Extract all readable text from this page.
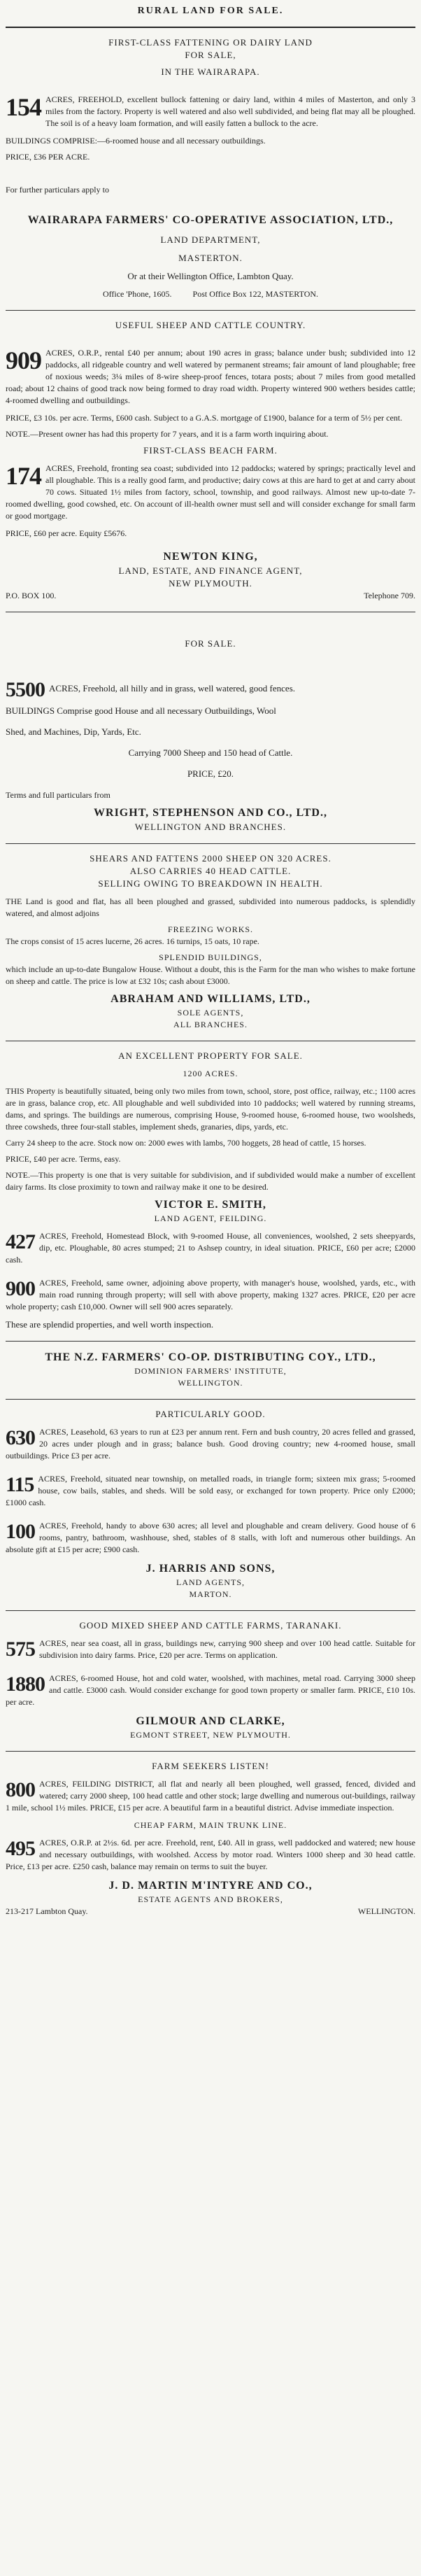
RURAL LAND FOR SALE.
FIRST-CLASS FATTENING OR DAIRY LAND
FOR SALE,
IN THE WAIRARAPA.
154 ACRES, FREEHOLD, excellent bullock fattening or dairy land, within 4 miles of Masterton, and only 3 miles from the factory. Property is well watered and also well subdivided, and being flat may all be ploughed. The soil is of a heavy loam formation, and will easily fatten a bullock to the acre.
BUILDINGS COMPRISE:—6-roomed house and all necessary outbuildings.
PRICE, £36 PER ACRE.
For further particulars apply to
WAIRARAPA FARMERS' CO-OPERATIVE ASSOCIATION, LTD.,
LAND DEPARTMENT,
MASTERTON.
Or at their Wellington Office, Lambton Quay.
Office 'Phone, 1605.	Post Office Box 122, MASTERTON.
USEFUL SHEEP AND CATTLE COUNTRY.
909 ACRES, O.R.P., rental £40 per annum; about 190 acres in grass; balance under bush; subdivided into 12 paddocks, all ridgeable country and well watered by permanent streams; fair amount of land ploughable; free of noxious weeds; 3¼ miles of 8-wire sheep-proof fences, totara posts; about 7 miles from good metalled road; about 12 chains of good track now being formed to dray road width. Property wintered 900 wethers besides cattle; 4-roomed dwelling and outbuildings.
PRICE, £3 10s. per acre. Terms, £600 cash. Subject to a G.A.S. mortgage of £1900, balance for a term of 5½ per cent.
NOTE.—Present owner has had this property for 7 years, and it is a farm worth inquiring about.
FIRST-CLASS BEACH FARM.
174 ACRES, Freehold, fronting sea coast; subdivided into 12 paddocks; watered by springs; practically level and all ploughable. This is a really good farm, and productive; dairy cows at this are hard to get at and carry about 70 cows. Situated 1½ miles from factory, school, township, and good railways. Almost new up-to-date 7-roomed dwelling, good cowshed, etc. On account of ill-health owner must sell and will consider exchange for small farm or good mortgage.
PRICE, £60 per acre. Equity £5676.
NEWTON KING,
LAND, ESTATE, AND FINANCE AGENT,
NEW PLYMOUTH.
P.O. BOX 100.	Telephone 709.
FOR SALE.
5500 ACRES, Freehold, all hilly and in grass, well watered, good fences.
BUILDINGS Comprise good House and all necessary Outbuildings, Wool
Shed, and Machines, Dip, Yards, Etc.
Carrying 7000 Sheep and 150 head of Cattle.
PRICE, £20.
Terms and full particulars from
WRIGHT, STEPHENSON AND CO., LTD.,
WELLINGTON AND BRANCHES.
SHEARS AND FATTENS 2000 SHEEP ON 320 ACRES.
ALSO CARRIES 40 HEAD CATTLE.
SELLING OWING TO BREAKDOWN IN HEALTH.
THE Land is good and flat, has all been ploughed and grassed, subdivided into numerous paddocks, is splendidly watered, and almost adjoins
FREEZING WORKS.
The crops consist of 15 acres lucerne, 26 acres. 16 turnips, 15 oats, 10 rape.
SPLENDID BUILDINGS,
which include an up-to-date Bungalow House. Without a doubt, this is the Farm for the man who wishes to make fortune on sheep and cattle. The price is low at £32 10s; cash about £3000.
ABRAHAM AND WILLIAMS, LTD.,
SOLE AGENTS,
ALL BRANCHES.
AN EXCELLENT PROPERTY FOR SALE.
1200 ACRES.
THIS Property is beautifully situated, being only two miles from town, school, store, post office, railway, etc.; 1100 acres are in grass, balance crop, etc. All ploughable and well subdivided into 10 paddocks; well watered by running streams, dams, and springs. The buildings are numerous, comprising House, 9-roomed house, 6-roomed house, two woolsheds, three cowsheds, three four-stall stables, implement sheds, granaries, dips, yards, etc.
Carry 24 sheep to the acre. Stock now on: 2000 ewes with lambs, 700 hoggets, 28 head of cattle, 15 horses.
PRICE, £40 per acre. Terms, easy.
NOTE.—This property is one that is very suitable for subdivision, and if subdivided would make a number of excellent dairy farms. Its close proximity to town and railway make it one to be desired.
VICTOR E. SMITH,
LAND AGENT, FEILDING.
427 ACRES, Freehold, Homestead Block, with 9-roomed House, all conveniences, woolshed, 2 sets sheepyards, dip, etc. Ploughable, 80 acres stumped; 21 to Ashsep country, in ideal situation. PRICE, £60 per acre; £2000 cash.
900 ACRES, Freehold, same owner, adjoining above property, with manager's house, woolshed, yards, etc., with main road running through property; will sell with above property, making 1327 acres. PRICE, £20 per acre whole property; cash £10,000. Owner will sell 900 acres separately.
These are splendid properties, and well worth inspection.
THE N.Z. FARMERS' CO-OP. DISTRIBUTING COY., LTD.,
DOMINION FARMERS' INSTITUTE,
WELLINGTON.
PARTICULARLY GOOD.
630 ACRES, Leasehold, 63 years to run at £23 per annum rent. Fern and bush country, 20 acres felled and grassed, 20 acres under plough and in grass; balance bush. Good droving country; new 4-roomed house, small outbuildings. Price £3 per acre.
115 ACRES, Freehold, situated near township, on metalled roads, in triangle form; sixteen mix grass; 5-roomed house, cow bails, stables, and sheds. Will be sold easy, or exchanged for town property. Price only £2000; £1000 cash.
100 ACRES, Freehold, handy to above 630 acres; all level and ploughable and cream delivery. Good house of 6 rooms, pantry, bathroom, washhouse, shed, stables of 8 stalls, with loft and numerous other buildings. An absolute gift at £15 per acre; £900 cash.
J. HARRIS AND SONS,
LAND AGENTS,
MARTON.
GOOD MIXED SHEEP AND CATTLE FARMS, TARANAKI.
575 ACRES, near sea coast, all in grass, buildings new, carrying 900 sheep and over 100 head cattle. Suitable for subdivision into dairy farms. Price, £20 per acre. Terms on application.
1880 ACRES, 6-roomed House, hot and cold water, woolshed, with machines, metal road. Carrying 3000 sheep and cattle. £3000 cash. Would consider exchange for good town property or smaller farm. PRICE, £10 10s. per acre.
GILMOUR AND CLARKE,
EGMONT STREET, NEW PLYMOUTH.
FARM SEEKERS LISTEN!
800 ACRES, FEILDING DISTRICT, all flat and nearly all been ploughed, well grassed, fenced, divided and watered; carry 2000 sheep, 100 head cattle and other stock; large dwelling and numerous out-buildings, railway 1 mile, school 1½ miles. PRICE, £15 per acre. A beautiful farm in a beautiful district. Advise immediate inspection.
CHEAP FARM, MAIN TRUNK LINE.
495 ACRES, O.R.P. at 2½s. 6d. per acre. Freehold, rent, £40. All in grass, well paddocked and watered; new house and necessary outbuildings, with woolshed. Access by motor road. Winters 1000 sheep and 30 head cattle. Price, £13 per acre. £250 cash, balance may remain on terms to suit the buyer.
J. D. MARTIN M'INTYRE AND CO.,
ESTATE AGENTS AND BROKERS,
213-217 Lambton Quay.	WELLINGTON.
